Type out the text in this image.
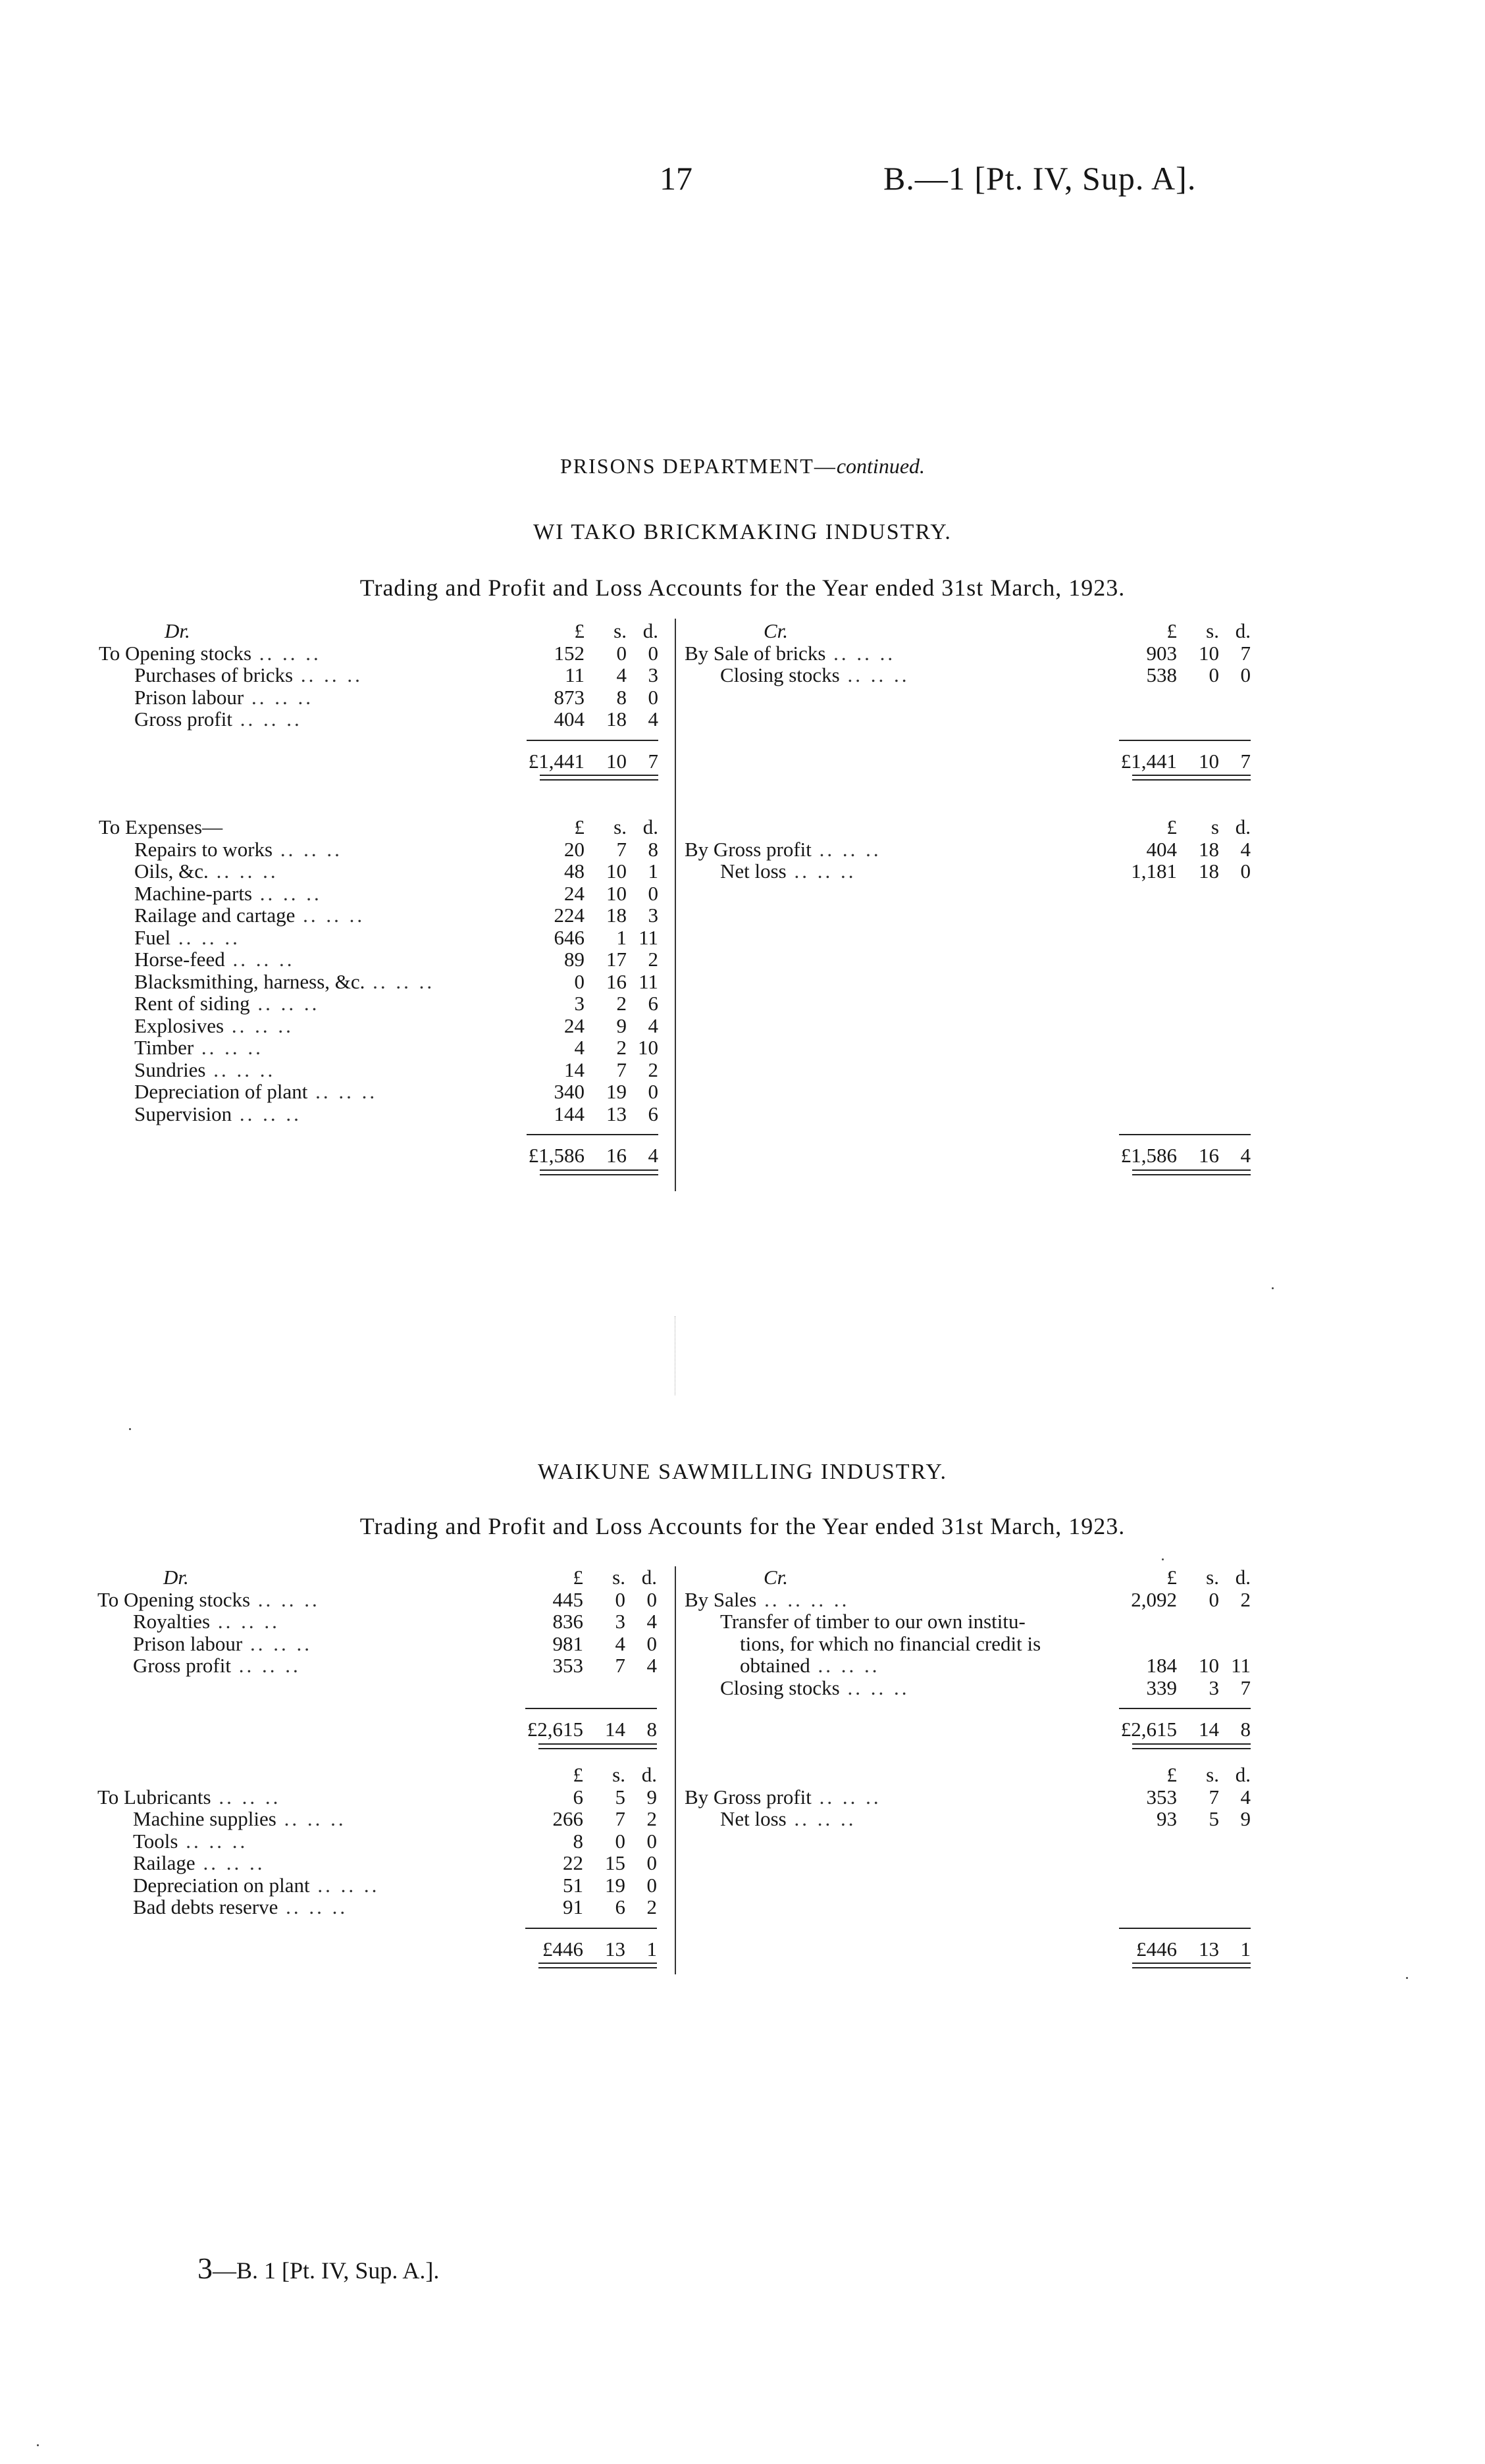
17	B.—1 [Pt. IV, Sup. A].
PRISONS DEPARTMENT—continued.
WI TAKO BRICKMAKING INDUSTRY.
Trading and Profit and Loss Accounts for the Year ended 31st March, 1923.
Dr.	£	s. d.
To Opening stocks .. .. ..	152	0	0
Purchases of bricks .. .. ..	11	4	3
Prison labour .. .. ..	873	8	0
Gross profit .. .. ..	404	18	4
£1,441	10	7
Cr.	£	s. d.
By Sale of bricks .. .. ..	903	10	7
Closing stocks .. .. ..	538	0	0
£1,441	10	7
To Expenses—	£	s. d.
Repairs to works .. .. ..	20	7	8
Oils, &c. .. .. ..	48	10	1
Machine-parts .. .. ..	24	10	0
Railage and cartage .. .. ..	224	18	3
Fuel .. .. ..	646	1 11
Horse-feed .. .. ..	89	17	2
Blacksmithing, harness, &c. .. .. ..	0	16 11
Rent of siding .. .. ..	3	2	6
Explosives .. .. ..	24	9	4
Timber .. .. ..	4	2 10
Sundries .. .. ..	14	7	2
Depreciation of plant .. .. ..	340	19	0
Supervision .. .. ..	144	13	6
£1,586	16	4
£	s d.
By Gross profit .. .. ..	404	18	4
Net loss .. .. ..	1,181	18	0
£1,586	16	4
WAIKUNE SAWMILLING INDUSTRY.
Trading and Profit and Loss Accounts for the Year ended 31st March, 1923.
Dr.	£	s. d.
To Opening stocks .. .. ..	445	0	0
Royalties .. .. ..	836	3	4
Prison labour .. .. ..	981	4	0
Gross profit .. .. ..	353	7	4
£2,615	14	8
Cr.	£	s. d.
By Sales .. .. .. ..	2,092	0	2
Transfer of timber to our own institu-
tions, for which no financial credit is
obtained .. .. ..	184	10 11
Closing stocks .. .. ..	339	3	7
£2,615	14	8
£	s. d.
To Lubricants .. .. ..	6	5	9
Machine supplies .. .. ..	266	7	2
Tools .. .. ..	8	0	0
Railage .. .. ..	22	15	0
Depreciation on plant .. .. ..	51	19	0
Bad debts reserve .. .. ..	91	6	2
£446	13	1
£	s. d.
By Gross profit .. .. ..	353	7	4
Net loss .. .. ..	93	5	9
£446	13	1
3—B. 1 [Pt. IV, Sup. A.].
